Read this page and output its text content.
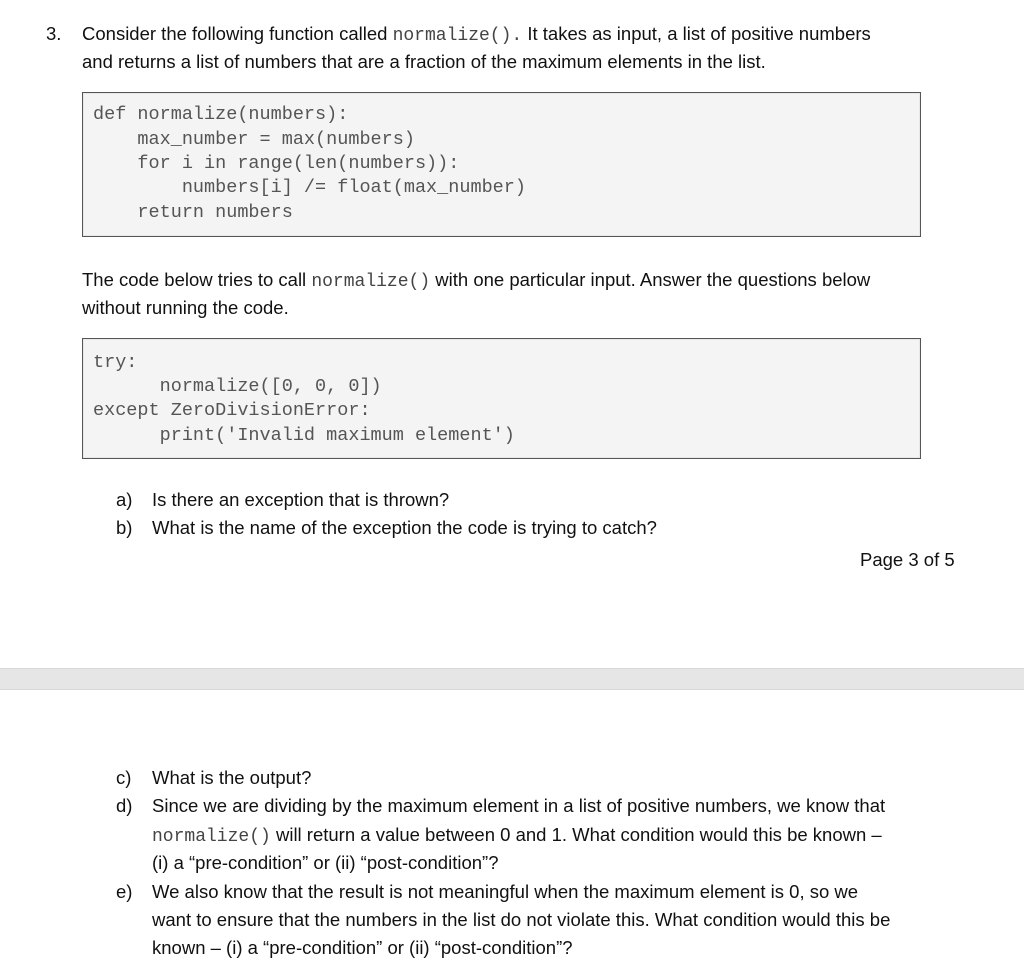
3. Consider the following function called normalize(). It takes as input, a list of positive numbers
and returns a list of numbers that are a fraction of the maximum elements in the list.
def normalize(numbers):
max_number = max(numbers)
for i in range(len(numbers)):
numbers[i] /= float(max_number)
return numbers
The code below tries to call normalize() with one particular input. Answer the questions below
without running the code.
try:
normalize([0, 0, 0])
except ZeroDivisionError:
print('Invalid maximum element')
a) Is there an exception that is thrown?
b) What is the name of the exception the code is trying to catch?
Page 3 of 5
c) What is the output?
d) Since we are dividing by the maximum element in a list of positive numbers, we know that
normalize() will return a value between 0 and 1. What condition would this be known –
(i) a “pre-condition” or (ii) “post-condition”?
e) We also know that the result is not meaningful when the maximum element is 0, so we
want to ensure that the numbers in the list do not violate this. What condition would this be
known – (i) a “pre-condition” or (ii) “post-condition”?
